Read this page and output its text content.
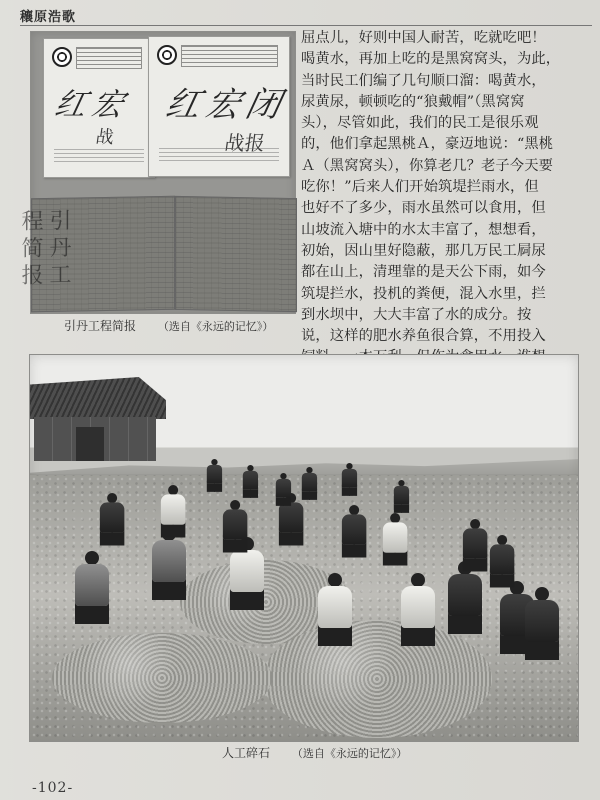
穰原浩歌
红宏
战
红宏闭
战报
引丹工程简报
引丹工程简报 （选自《永远的记忆》）
屈点儿，好则中国人耐苦，吃就吃吧！
喝黄水，再加上吃的是黑窝窝头，为此，
当时民工们编了几句顺口溜：喝黄水，
尿黄尿，顿顿吃的“狼戴帽”（黑窝窝
头），尽管如此，我们的民工是很乐观
的，他们拿起黑桃Ａ，豪迈地说：“黑桃
Ａ（黑窝窝头），你算老几？老子今天要
吃你！”后来人们开始筑堤拦雨水，但
也好不了多少，雨水虽然可以食用，但
山坡流入塘中的水太丰富了，想想看，
初始，因山里好隐蔽，那几万民工屙尿
都在山上，清理靠的是天公下雨，如今
筑堤拦水，投机的粪便，混入水里，拦
到水坝中，大大丰富了水的成分。按
说，这样的肥水养鱼很合算，不用投入

人工碎石 （选自《永远的记忆》）
-102-
